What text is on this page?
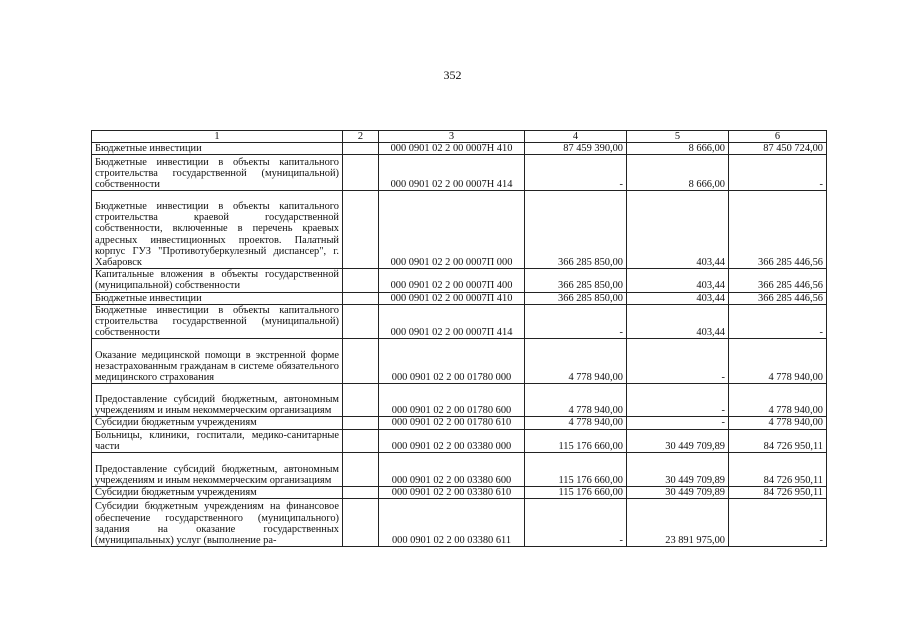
352
1	2	3	4	5	6
Бюджетные инвестиции		000 0901 02 2 00 0007Н 410	87 459 390,00	8 666,00	87 450 724,00
Бюджетные инвестиции в объекты капитального строительства государственной (муниципальной) собственности		000 0901 02 2 00 0007Н 414	-	8 666,00	-
Бюджетные инвестиции в объекты капитального строительства краевой государственной собственности, включенные в перечень краевых адресных инвестиционных проектов. Палатный корпус ГУЗ "Противотуберкулезный диспансер", г. Хабаровск		000 0901 02 2 00 0007П 000	366 285 850,00	403,44	366 285 446,56
Капитальные вложения в объекты государственной (муниципальной) собственности		000 0901 02 2 00 0007П 400	366 285 850,00	403,44	366 285 446,56
Бюджетные инвестиции		000 0901 02 2 00 0007П 410	366 285 850,00	403,44	366 285 446,56
Бюджетные инвестиции в объекты капитального строительства государственной (муниципальной) собственности		000 0901 02 2 00 0007П 414	-	403,44	-
Оказание медицинской помощи в экстренной форме незастрахованным гражданам в системе обязательного медицинского страхования		000 0901 02 2 00 01780 000	4 778 940,00	-	4 778 940,00
Предоставление субсидий бюджетным, автономным учреждениям и иным некоммерческим организациям		000 0901 02 2 00 01780 600	4 778 940,00	-	4 778 940,00
Субсидии бюджетным учреждениям		000 0901 02 2 00 01780 610	4 778 940,00	-	4 778 940,00
Больницы, клиники, госпитали, медико-санитарные части		000 0901 02 2 00 03380 000	115 176 660,00	30 449 709,89	84 726 950,11
Предоставление субсидий бюджетным, автономным учреждениям и иным некоммерческим организациям		000 0901 02 2 00 03380 600	115 176 660,00	30 449 709,89	84 726 950,11
Субсидии бюджетным учреждениям		000 0901 02 2 00 03380 610	115 176 660,00	30 449 709,89	84 726 950,11
Субсидии бюджетным учреждениям на финансовое обеспечение государственного (муниципального) задания на оказание государственных (муниципальных) услуг (выполнение ра-		000 0901 02 2 00 03380 611	-	23 891 975,00	-
